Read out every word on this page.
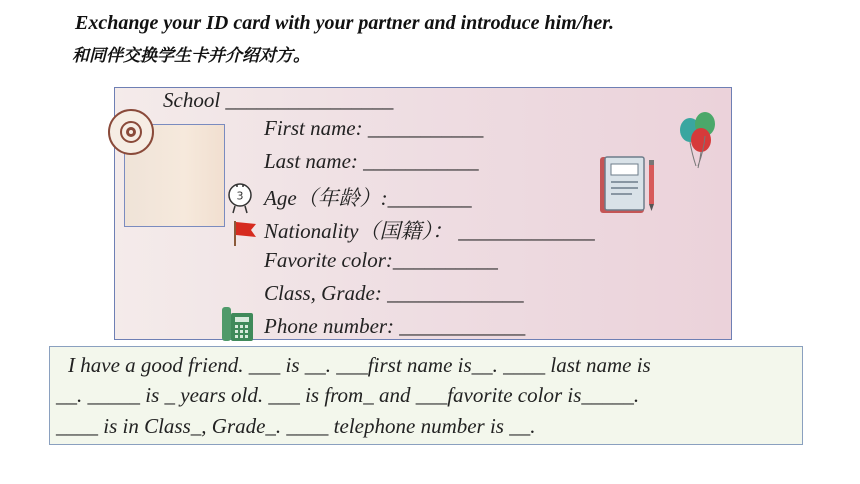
Exchange your ID card with your partner and introduce him/her.
和同伴交换学生卡并介绍对方。
School ________________
First name: ___________
Last name: ___________
3 Age（年龄）:________
Nationality（国籍）： _____________
Favorite color:__________
Class, Grade: _____________
Phone number: ____________
I have a good friend. ___ is __. ___first name is__. ____ last name is
__. _____ is _ years old. ___ is from_ and ___favorite color is_____.
____ is in Class_, Grade_. ____ telephone number is __.
